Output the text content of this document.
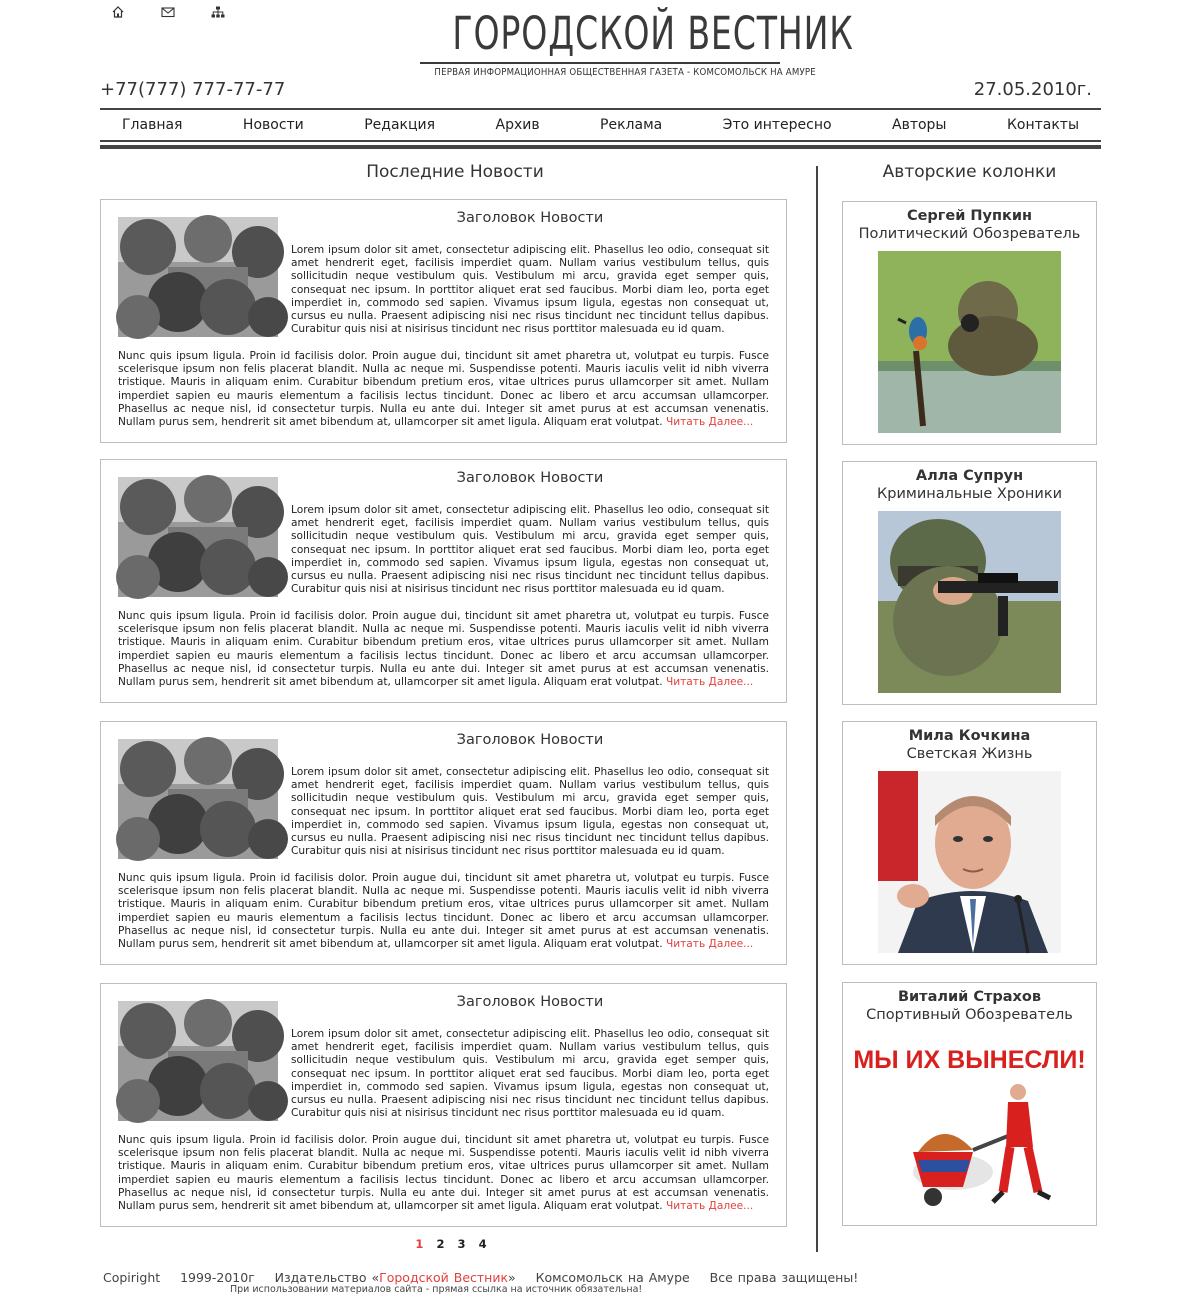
ГОРОДСКОЙ ВЕСТНИК
ПЕРВАЯ ИНФОРМАЦИОННАЯ ОБЩЕСТВЕННАЯ ГАЗЕТА - КОМСОМОЛЬСК НА АМУРЕ
+77(777) 777-77-77	27.05.2010г.
Главная	Новости	Редакция	Архив	Реклама	Это интересно	Авторы	Контакты
Последние Новости	Авторские колонки
Заголовок Новости
Lorem ipsum dolor sit amet, consectetur adipiscing elit. Phasellus leo odio, consequat sit amet hendrerit eget, facilisis imperdiet quam. Nullam varius vestibulum tellus, quis sollicitudin neque vestibulum quis. Vestibulum mi arcu, gravida eget semper quis, consequat nec ipsum. In porttitor aliquet erat sed faucibus. Morbi diam leo, porta eget imperdiet in, commodo sed sapien. Vivamus ipsum ligula, egestas non consequat ut, cursus eu nulla. Praesent adipiscing nisi nec risus tincidunt nec tincidunt tellus dapibus. Curabitur quis nisi at nisirisus tincidunt nec risus porttitor malesuada eu id quam.
Nunc quis ipsum ligula. Proin id facilisis dolor. Proin augue dui, tincidunt sit amet pharetra ut, volutpat eu turpis. Fusce scelerisque ipsum non felis placerat blandit. Nulla ac neque mi. Suspendisse potenti. Mauris iaculis velit id nibh viverra tristique. Mauris in aliquam enim. Curabitur bibendum pretium eros, vitae ultrices purus ullamcorper sit amet. Nullam imperdiet sapien eu mauris elementum a facilisis lectus tincidunt. Donec ac libero et arcu accumsan ullamcorper. Phasellus ac neque nisl, id consectetur turpis. Nulla eu ante dui. Integer sit amet purus at est accumsan venenatis. Nullam purus sem, hendrerit sit amet bibendum at, ullamcorper sit amet ligula. Aliquam erat volutpat. Читать Далее...
Заголовок Новости
Lorem ipsum dolor sit amet, consectetur adipiscing elit. Phasellus leo odio, consequat sit amet hendrerit eget, facilisis imperdiet quam. Nullam varius vestibulum tellus, quis sollicitudin neque vestibulum quis. Vestibulum mi arcu, gravida eget semper quis, consequat nec ipsum. In porttitor aliquet erat sed faucibus. Morbi diam leo, porta eget imperdiet in, commodo sed sapien. Vivamus ipsum ligula, egestas non consequat ut, cursus eu nulla. Praesent adipiscing nisi nec risus tincidunt nec tincidunt tellus dapibus. Curabitur quis nisi at nisirisus tincidunt nec risus porttitor malesuada eu id quam.
Nunc quis ipsum ligula. Proin id facilisis dolor. Proin augue dui, tincidunt sit amet pharetra ut, volutpat eu turpis. Fusce scelerisque ipsum non felis placerat blandit. Nulla ac neque mi. Suspendisse potenti. Mauris iaculis velit id nibh viverra tristique. Mauris in aliquam enim. Curabitur bibendum pretium eros, vitae ultrices purus ullamcorper sit amet. Nullam imperdiet sapien eu mauris elementum a facilisis lectus tincidunt. Donec ac libero et arcu accumsan ullamcorper. Phasellus ac neque nisl, id consectetur turpis. Nulla eu ante dui. Integer sit amet purus at est accumsan venenatis. Nullam purus sem, hendrerit sit amet bibendum at, ullamcorper sit amet ligula. Aliquam erat volutpat. Читать Далее...
Заголовок Новости
Lorem ipsum dolor sit amet, consectetur adipiscing elit. Phasellus leo odio, consequat sit amet hendrerit eget, facilisis imperdiet quam. Nullam varius vestibulum tellus, quis sollicitudin neque vestibulum quis. Vestibulum mi arcu, gravida eget semper quis, consequat nec ipsum. In porttitor aliquet erat sed faucibus. Morbi diam leo, porta eget imperdiet in, commodo sed sapien. Vivamus ipsum ligula, egestas non consequat ut, cursus eu nulla. Praesent adipiscing nisi nec risus tincidunt nec tincidunt tellus dapibus. Curabitur quis nisi at nisirisus tincidunt nec risus porttitor malesuada eu id quam.
Nunc quis ipsum ligula. Proin id facilisis dolor. Proin augue dui, tincidunt sit amet pharetra ut, volutpat eu turpis. Fusce scelerisque ipsum non felis placerat blandit. Nulla ac neque mi. Suspendisse potenti. Mauris iaculis velit id nibh viverra tristique. Mauris in aliquam enim. Curabitur bibendum pretium eros, vitae ultrices purus ullamcorper sit amet. Nullam imperdiet sapien eu mauris elementum a facilisis lectus tincidunt. Donec ac libero et arcu accumsan ullamcorper. Phasellus ac neque nisl, id consectetur turpis. Nulla eu ante dui. Integer sit amet purus at est accumsan venenatis. Nullam purus sem, hendrerit sit amet bibendum at, ullamcorper sit amet ligula. Aliquam erat volutpat. Читать Далее...
Заголовок Новости
Lorem ipsum dolor sit amet, consectetur adipiscing elit. Phasellus leo odio, consequat sit amet hendrerit eget, facilisis imperdiet quam. Nullam varius vestibulum tellus, quis sollicitudin neque vestibulum quis. Vestibulum mi arcu, gravida eget semper quis, consequat nec ipsum. In porttitor aliquet erat sed faucibus. Morbi diam leo, porta eget imperdiet in, commodo sed sapien. Vivamus ipsum ligula, egestas non consequat ut, cursus eu nulla. Praesent adipiscing nisi nec risus tincidunt nec tincidunt tellus dapibus. Curabitur quis nisi at nisirisus tincidunt nec risus porttitor malesuada eu id quam.
Nunc quis ipsum ligula. Proin id facilisis dolor. Proin augue dui, tincidunt sit amet pharetra ut, volutpat eu turpis. Fusce scelerisque ipsum non felis placerat blandit. Nulla ac neque mi. Suspendisse potenti. Mauris iaculis velit id nibh viverra tristique. Mauris in aliquam enim. Curabitur bibendum pretium eros, vitae ultrices purus ullamcorper sit amet. Nullam imperdiet sapien eu mauris elementum a facilisis lectus tincidunt. Donec ac libero et arcu accumsan ullamcorper. Phasellus ac neque nisl, id consectetur turpis. Nulla eu ante dui. Integer sit amet purus at est accumsan venenatis. Nullam purus sem, hendrerit sit amet bibendum at, ullamcorper sit amet ligula. Aliquam erat volutpat. Читать Далее...
Сергей Пупкин
Политический Обозреватель
Алла Супрун
Криминальные Хроники
Мила Кочкина
Светская Жизнь
Виталий Страхов
Спортивный Обозреватель
МЫ ИХ ВЫНЕСЛИ!
1 2 3 4
Copiright 1999-2010г Издательство «Городской Вестник» Комсомольск на Амуре Все права защищены!
При использовании материалов сайта - прямая ссылка на источник обязательна!
